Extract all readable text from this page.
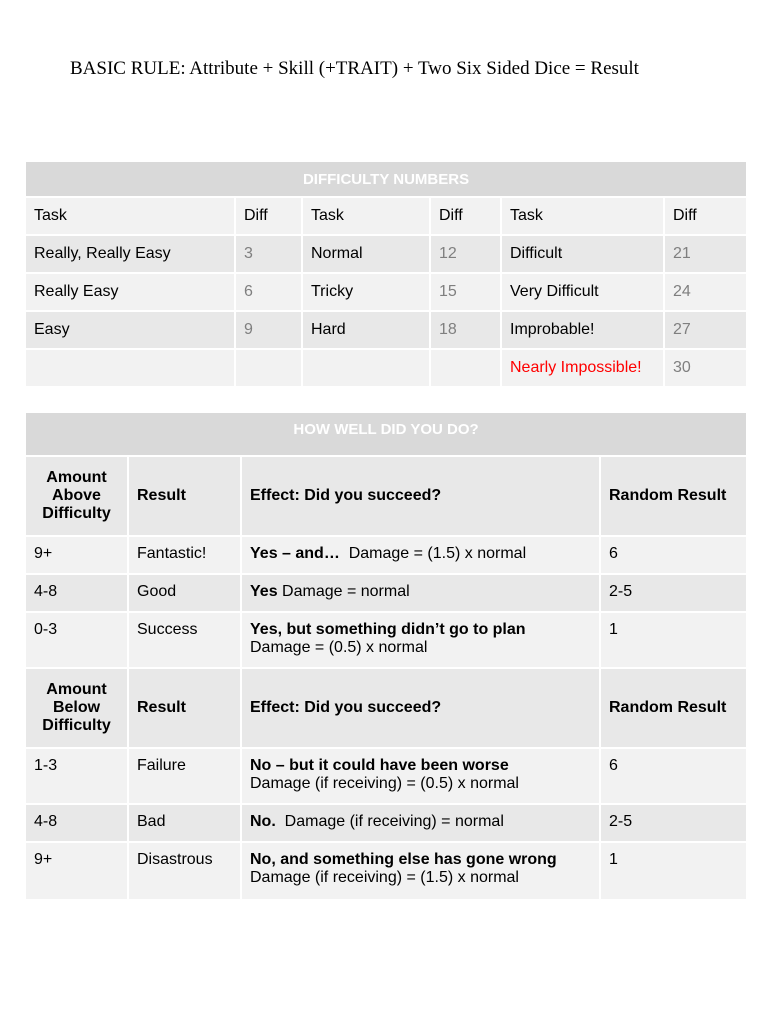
BASIC RULE: Attribute + Skill (+TRAIT) + Two Six Sided Dice = Result
DIFFICULTY NUMBERS					
Task	Diff	Task	Diff	Task	Diff
Really, Really Easy	3	Normal	12	Difficult	21
Really Easy	6	Tricky	15	Very Difficult	24
Easy	9	Hard	18	Improbable!	27
				Nearly Impossible!	30
HOW WELL DID YOU DO?			
Amount Above Difficulty	Result	Effect: Did you succeed?	Random Result
9+	Fantastic!	Yes – and…  Damage = (1.5) x normal	6
4-8	Good	Yes Damage = normal	2-5
0-3	Success	Yes, but something didn’t go to plan
Damage = (0.5) x normal	1
Amount Below Difficulty	Result	Effect: Did you succeed?	Random Result
1-3	Failure	No – but it could have been worse
Damage (if receiving) = (0.5) x normal	6
4-8	Bad	No.  Damage (if receiving) = normal	2-5
9+	Disastrous	No, and something else has gone wrong
Damage (if receiving) = (1.5) x normal	1
